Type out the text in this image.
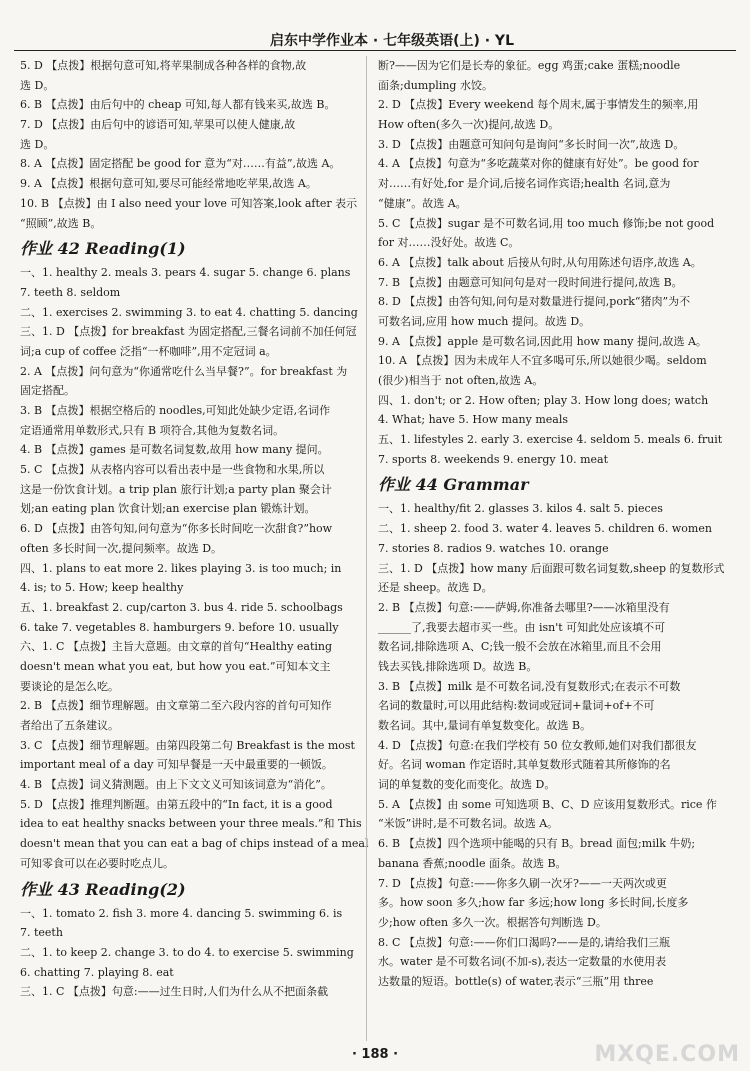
启东中学作业本 · 七年级英语(上) · YL
5. D 【点拨】根据句意可知,将苹果制成各种各样的食物,故
选 D。
6. B 【点拨】由后句中的 cheap 可知,每人都有钱来买,故选 B。
7. D 【点拨】由后句中的谚语可知,苹果可以使人健康,故
选 D。
8. A 【点拨】固定搭配 be good for 意为“对……有益”,故选 A。
9. A 【点拨】根据句意可知,要尽可能经常地吃苹果,故选 A。
10. B 【点拨】由 I also need your love 可知答案,look after 表示
“照顾”,故选 B。
作业 42 Reading(1)
一、1. healthy 2. meals 3. pears 4. sugar 5. change 6. plans
7. teeth 8. seldom
二、1. exercises 2. swimming 3. to eat 4. chatting 5. dancing
三、1. D 【点拨】for breakfast 为固定搭配,三餐名词前不加任何冠
词;a cup of coffee 泛指“一杯咖啡”,用不定冠词 a。
2. A 【点拨】问句意为“你通常吃什么当早餐?”。for breakfast 为
固定搭配。
3. B 【点拨】根据空格后的 noodles,可知此处缺少定语,名词作
定语通常用单数形式,只有 B 项符合,其他为复数名词。
4. B 【点拨】games 是可数名词复数,故用 how many 提问。
5. C 【点拨】从表格内容可以看出表中是一些食物和水果,所以
这是一份饮食计划。a trip plan 旅行计划;a party plan 聚会计
划;an eating plan 饮食计划;an exercise plan 锻炼计划。
6. D 【点拨】由答句知,问句意为“你多长时间吃一次甜食?”how
often 多长时间一次,提问频率。故选 D。
四、1. plans to eat more 2. likes playing 3. is too much; in
4. is; to 5. How; keep healthy
五、1. breakfast 2. cup/carton 3. bus 4. ride 5. schoolbags
6. take 7. vegetables 8. hamburgers 9. before 10. usually
六、1. C 【点拨】主旨大意题。由文章的首句“Healthy eating
doesn't mean what you eat, but how you eat.”可知本文主
要谈论的是怎么吃。
2. B 【点拨】细节理解题。由文章第二至六段内容的首句可知作
者给出了五条建议。
3. C 【点拨】细节理解题。由第四段第二句 Breakfast is the most
important meal of a day 可知早餐是一天中最重要的一顿饭。
4. B 【点拨】词义猜测题。由上下文文义可知该词意为“消化”。
5. D 【点拨】推理判断题。由第五段中的“In fact, it is a good
idea to eat healthy snacks between your three meals.”和 This
doesn't mean that you can eat a bag of chips instead of a meal
可知零食可以在必要时吃点儿。
作业 43 Reading(2)
一、1. tomato 2. fish 3. more 4. dancing 5. swimming 6. is
7. teeth
二、1. to keep 2. change 3. to do 4. to exercise 5. swimming
6. chatting 7. playing 8. eat
三、1. C 【点拨】句意:——过生日时,人们为什么从不把面条截
断?——因为它们是长寿的象征。egg 鸡蛋;cake 蛋糕;noodle
面条;dumpling 水饺。
2. D 【点拨】Every weekend 每个周末,属于事情发生的频率,用
How often(多久一次)提问,故选 D。
3. D 【点拨】由题意可知问句是询问“多长时间一次”,故选 D。
4. A 【点拨】句意为“多吃蔬菜对你的健康有好处”。be good for
对……有好处,for 是介词,后接名词作宾语;health 名词,意为
“健康”。故选 A。
5. C 【点拨】sugar 是不可数名词,用 too much 修饰;be not good
for 对……没好处。故选 C。
6. A 【点拨】talk about 后接从句时,从句用陈述句语序,故选 A。
7. B 【点拨】由题意可知问句是对一段时间进行提问,故选 B。
8. D 【点拨】由答句知,问句是对数量进行提问,pork“猪肉”为不
可数名词,应用 how much 提问。故选 D。
9. A 【点拨】apple 是可数名词,因此用 how many 提问,故选 A。
10. A 【点拨】因为未成年人不宜多喝可乐,所以她很少喝。seldom
(很少)相当于 not often,故选 A。
四、1. don't; or 2. How often; play 3. How long does; watch
4. What; have 5. How many meals
五、1. lifestyles 2. early 3. exercise 4. seldom 5. meals 6. fruit
7. sports 8. weekends 9. energy 10. meat
作业 44 Grammar
一、1. healthy/fit 2. glasses 3. kilos 4. salt 5. pieces
二、1. sheep 2. food 3. water 4. leaves 5. children 6. women
7. stories 8. radios 9. watches 10. orange
三、1. D 【点拨】how many 后面跟可数名词复数,sheep 的复数形式
还是 sheep。故选 D。
2. B 【点拨】句意:——萨姆,你准备去哪里?——冰箱里没有
______了,我要去超市买一些。由 isn't 可知此处应该填不可
数名词,排除选项 A、C;钱一般不会放在冰箱里,而且不会用
钱去买钱,排除选项 D。故选 B。
3. B 【点拨】milk 是不可数名词,没有复数形式;在表示不可数
名词的数量时,可以用此结构:数词或冠词+量词+of+不可
数名词。其中,量词有单复数变化。故选 B。
4. D 【点拨】句意:在我们学校有 50 位女教师,她们对我们都很友
好。名词 woman 作定语时,其单复数形式随着其所修饰的名
词的单复数的变化而变化。故选 D。
5. A 【点拨】由 some 可知选项 B、C、D 应该用复数形式。rice 作
“米饭”讲时,是不可数名词。故选 A。
6. B 【点拨】四个选项中能喝的只有 B。bread 面包;milk 牛奶;
banana 香蕉;noodle 面条。故选 B。
7. D 【点拨】句意:——你多久刷一次牙?——一天两次或更
多。how soon 多久;how far 多远;how long 多长时间,长度多
少;how often 多久一次。根据答句判断选 D。
8. C 【点拨】句意:——你们口渴吗?——是的,请给我们三瓶
水。water 是不可数名词(不加-s),表达一定数量的水使用表
达数量的短语。bottle(s) of water,表示“三瓶”用 three
· 188 ·	MXQE.COM
